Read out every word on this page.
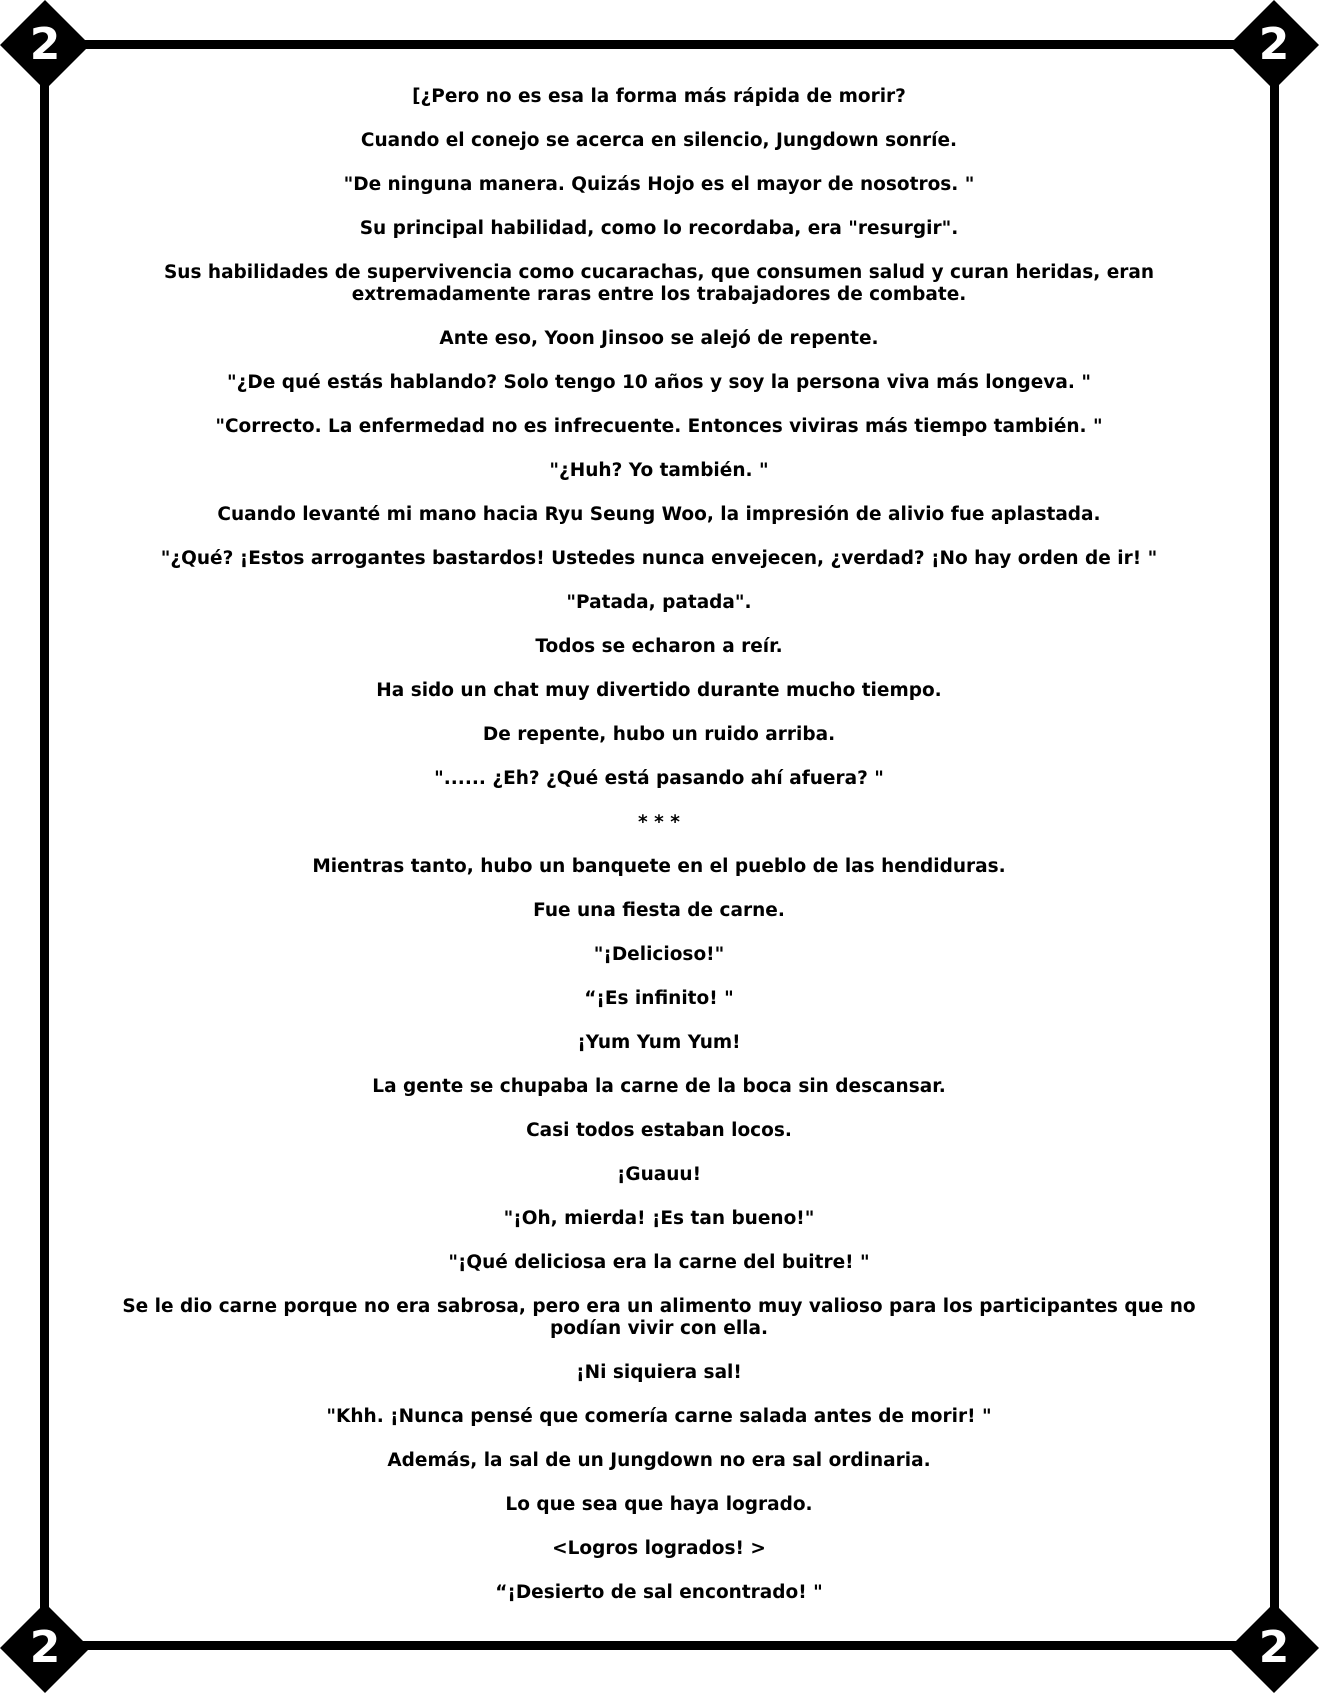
2	2
2	2

[¿Pero no es esa la forma más rápida de morir?

Cuando el conejo se acerca en silencio, Jungdown sonríe.

"De ninguna manera. Quizás Hojo es el mayor de nosotros. "

Su principal habilidad, como lo recordaba, era "resurgir".

Sus habilidades de supervivencia como cucarachas, que consumen salud y curan heridas, eran extremadamente raras entre los trabajadores de combate.

Ante eso, Yoon Jinsoo se alejó de repente.

"¿De qué estás hablando? Solo tengo 10 años y soy la persona viva más longeva. "

"Correcto. La enfermedad no es infrecuente. Entonces viviras más tiempo también. "

"¿Huh? Yo también. "

Cuando levanté mi mano hacia Ryu Seung Woo, la impresión de alivio fue aplastada.

"¿Qué? ¡Estos arrogantes bastardos! Ustedes nunca envejecen, ¿verdad? ¡No hay orden de ir! "

"Patada, patada".

Todos se echaron a reír.

Ha sido un chat muy divertido durante mucho tiempo.

De repente, hubo un ruido arriba.

"...... ¿Eh? ¿Qué está pasando ahí afuera? "

* * *

Mientras tanto, hubo un banquete en el pueblo de las hendiduras.

Fue una fiesta de carne.

"¡Delicioso!"

“¡Es infinito! "

¡Yum Yum Yum!

La gente se chupaba la carne de la boca sin descansar.

Casi todos estaban locos.

¡Guauu!

"¡Oh, mierda! ¡Es tan bueno!"

"¡Qué deliciosa era la carne del buitre! "

Se le dio carne porque no era sabrosa, pero era un alimento muy valioso para los participantes que no podían vivir con ella.

¡Ni siquiera sal!

"Khh. ¡Nunca pensé que comería carne salada antes de morir! "

Además, la sal de un Jungdown no era sal ordinaria.

Lo que sea que haya logrado.

<Logros logrados! >

“¡Desierto de sal encontrado! "
